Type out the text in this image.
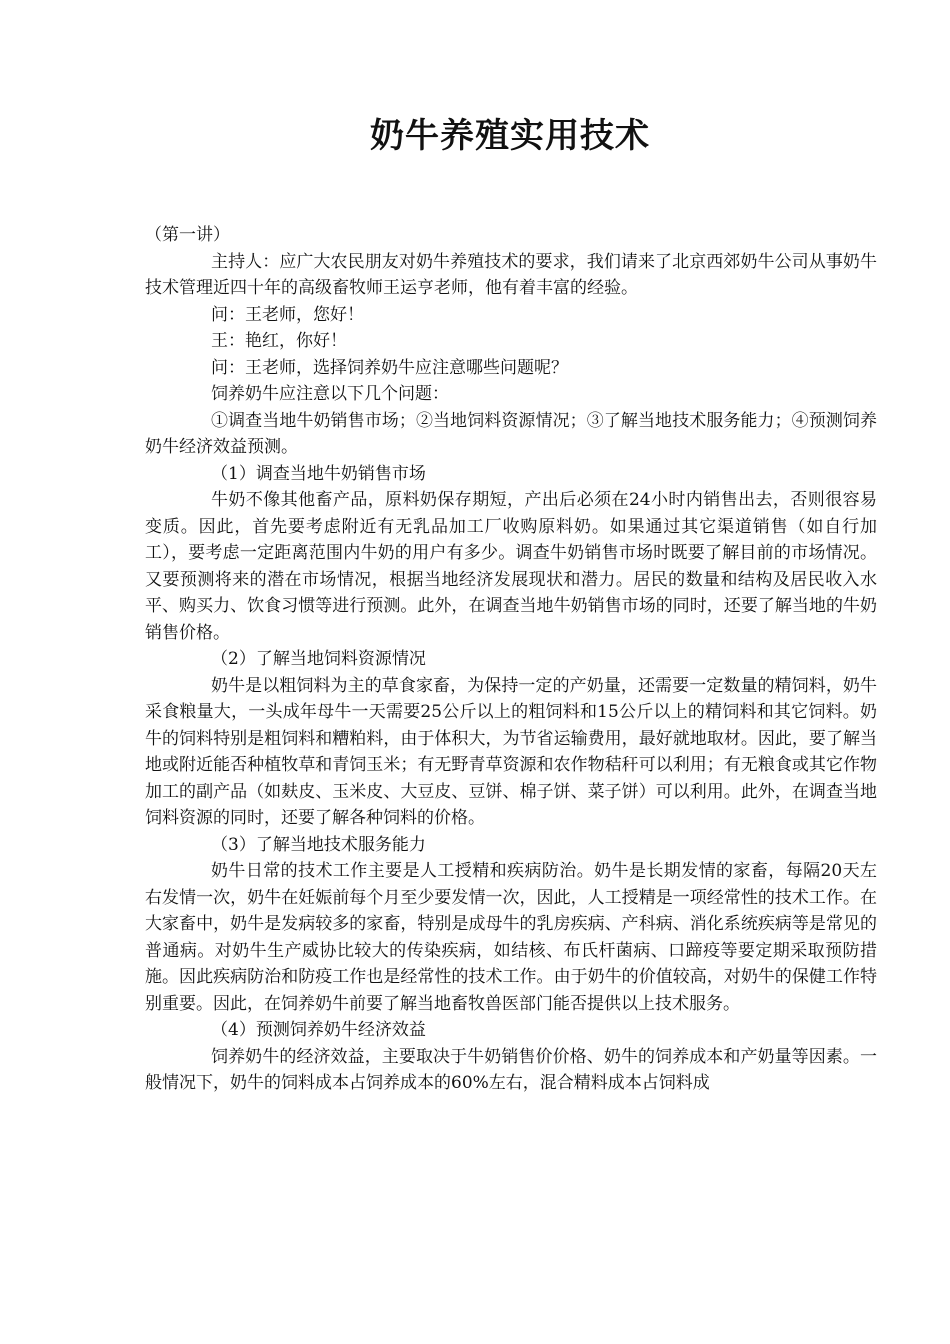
奶牛养殖实用技术

（第一讲）

主持人：应广大农民朋友对奶牛养殖技术的要求，我们请来了北京西郊奶牛公司从事奶牛技术管理近四十年的高级畜牧师王运亨老师，他有着丰富的经验。

问：王老师，您好！

王：艳红，你好！

问：王老师，选择饲养奶牛应注意哪些问题呢？

饲养奶牛应注意以下几个问题：

①调查当地牛奶销售市场；②当地饲料资源情况；③了解当地技术服务能力；④预测饲养奶牛经济效益预测。

（1）调查当地牛奶销售市场

牛奶不像其他畜产品，原料奶保存期短，产出后必须在24小时内销售出去，否则很容易变质。因此，首先要考虑附近有无乳品加工厂收购原料奶。如果通过其它渠道销售（如自行加工），要考虑一定距离范围内牛奶的用户有多少。调查牛奶销售市场时既要了解目前的市场情况。又要预测将来的潜在市场情况，根据当地经济发展现状和潜力。居民的数量和结构及居民收入水平、购买力、饮食习惯等进行预测。此外，在调查当地牛奶销售市场的同时，还要了解当地的牛奶销售价格。

（2）了解当地饲料资源情况

奶牛是以粗饲料为主的草食家畜，为保持一定的产奶量，还需要一定数量的精饲料，奶牛采食粮量大，一头成年母牛一天需要25公斤以上的粗饲料和15公斤以上的精饲料和其它饲料。奶牛的饲料特别是粗饲料和糟粕料，由于体积大，为节省运输费用，最好就地取材。因此，要了解当地或附近能否种植牧草和青饲玉米；有无野青草资源和农作物秸秆可以利用；有无粮食或其它作物加工的副产品（如麸皮、玉米皮、大豆皮、豆饼、棉子饼、菜子饼）可以利用。此外，在调查当地饲料资源的同时，还要了解各种饲料的价格。

（3）了解当地技术服务能力

奶牛日常的技术工作主要是人工授精和疾病防治。奶牛是长期发情的家畜，每隔20天左右发情一次，奶牛在妊娠前每个月至少要发情一次，因此，人工授精是一项经常性的技术工作。在大家畜中，奶牛是发病较多的家畜，特别是成母牛的乳房疾病、产科病、消化系统疾病等是常见的普通病。对奶牛生产威协比较大的传染疾病，如结核、布氏杆菌病、口蹄疫等要定期采取预防措施。因此疾病防治和防疫工作也是经常性的技术工作。由于奶牛的价值较高，对奶牛的保健工作特别重要。因此，在饲养奶牛前要了解当地畜牧兽医部门能否提供以上技术服务。

（4）预测饲养奶牛经济效益

饲养奶牛的经济效益，主要取决于牛奶销售价价格、奶牛的饲养成本和产奶量等因素。一般情况下，奶牛的饲料成本占饲养成本的60%左右，混合精料成本占饲料成
